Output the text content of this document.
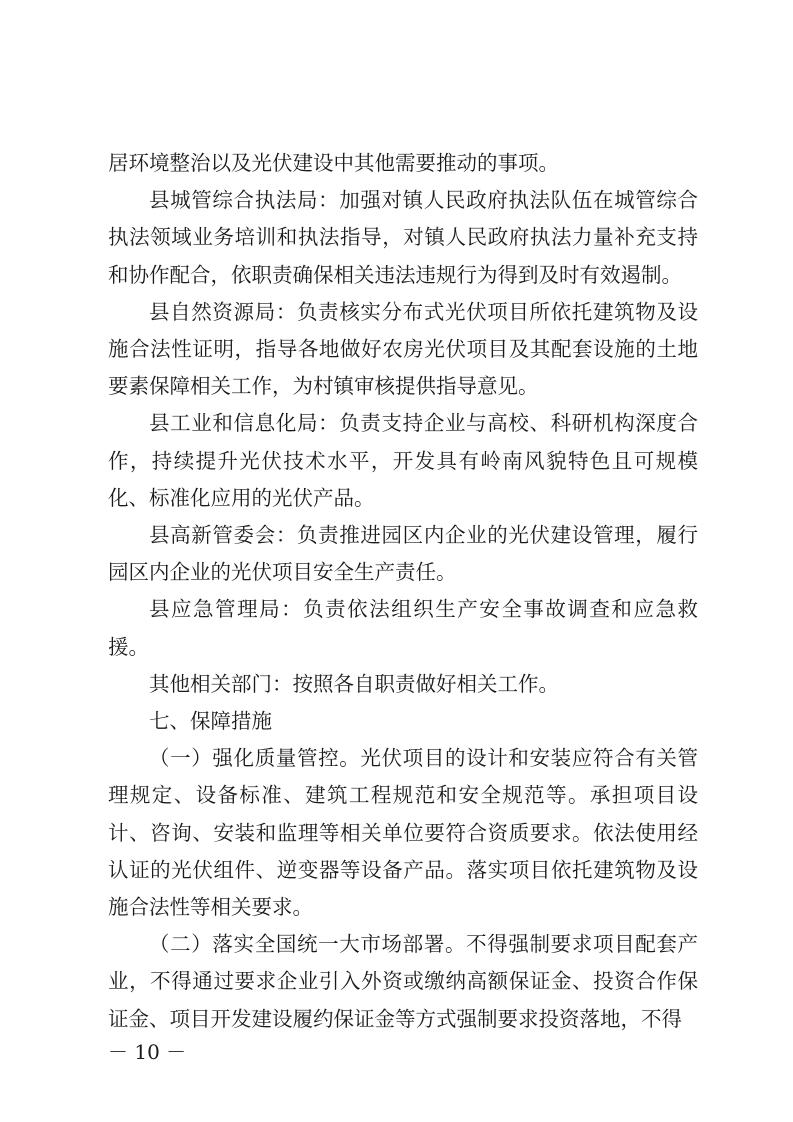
居环境整治以及光伏建设中其他需要推动的事项。

县城管综合执法局：加强对镇人民政府执法队伍在城管综合执法领域业务培训和执法指导，对镇人民政府执法力量补充支持和协作配合，依职责确保相关违法违规行为得到及时有效遏制。

县自然资源局：负责核实分布式光伏项目所依托建筑物及设施合法性证明，指导各地做好农房光伏项目及其配套设施的土地要素保障相关工作，为村镇审核提供指导意见。

县工业和信息化局：负责支持企业与高校、科研机构深度合作，持续提升光伏技术水平，开发具有岭南风貌特色且可规模化、标准化应用的光伏产品。

县高新管委会：负责推进园区内企业的光伏建设管理，履行园区内企业的光伏项目安全生产责任。

县应急管理局：负责依法组织生产安全事故调查和应急救援。

其他相关部门：按照各自职责做好相关工作。

七、保障措施

（一）强化质量管控。光伏项目的设计和安装应符合有关管理规定、设备标准、建筑工程规范和安全规范等。承担项目设计、咨询、安装和监理等相关单位要符合资质要求。依法使用经认证的光伏组件、逆变器等设备产品。落实项目依托建筑物及设施合法性等相关要求。

（二）落实全国统一大市场部署。不得强制要求项目配套产业，不得通过要求企业引入外资或缴纳高额保证金、投资合作保证金、项目开发建设履约保证金等方式强制要求投资落地，不得

－ 10 －
